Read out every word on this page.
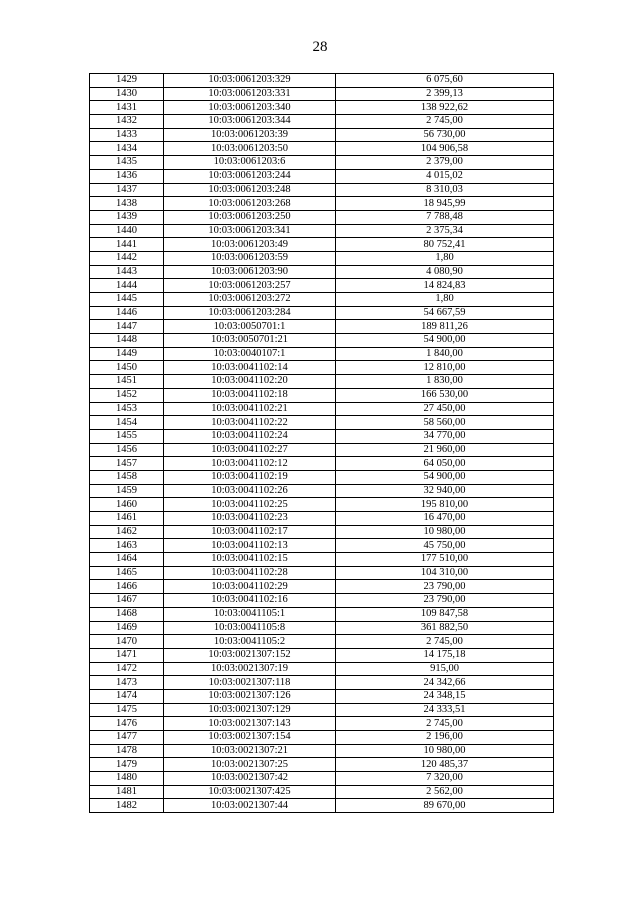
28
1429	10:03:0061203:329	6 075,60
1430	10:03:0061203:331	2 399,13
1431	10:03:0061203:340	138 922,62
1432	10:03:0061203:344	2 745,00
1433	10:03:0061203:39	56 730,00
1434	10:03:0061203:50	104 906,58
1435	10:03:0061203:6	2 379,00
1436	10:03:0061203:244	4 015,02
1437	10:03:0061203:248	8 310,03
1438	10:03:0061203:268	18 945,99
1439	10:03:0061203:250	7 788,48
1440	10:03:0061203:341	2 375,34
1441	10:03:0061203:49	80 752,41
1442	10:03:0061203:59	1,80
1443	10:03:0061203:90	4 080,90
1444	10:03:0061203:257	14 824,83
1445	10:03:0061203:272	1,80
1446	10:03:0061203:284	54 667,59
1447	10:03:0050701:1	189 811,26
1448	10:03:0050701:21	54 900,00
1449	10:03:0040107:1	1 840,00
1450	10:03:0041102:14	12 810,00
1451	10:03:0041102:20	1 830,00
1452	10:03:0041102:18	166 530,00
1453	10:03:0041102:21	27 450,00
1454	10:03:0041102:22	58 560,00
1455	10:03:0041102:24	34 770,00
1456	10:03:0041102:27	21 960,00
1457	10:03:0041102:12	64 050,00
1458	10:03:0041102:19	54 900,00
1459	10:03:0041102:26	32 940,00
1460	10:03:0041102:25	195 810,00
1461	10:03:0041102:23	16 470,00
1462	10:03:0041102:17	10 980,00
1463	10:03:0041102:13	45 750,00
1464	10:03:0041102:15	177 510,00
1465	10:03:0041102:28	104 310,00
1466	10:03:0041102:29	23 790,00
1467	10:03:0041102:16	23 790,00
1468	10:03:0041105:1	109 847,58
1469	10:03:0041105:8	361 882,50
1470	10:03:0041105:2	2 745,00
1471	10:03:0021307:152	14 175,18
1472	10:03:0021307:19	915,00
1473	10:03:0021307:118	24 342,66
1474	10:03:0021307:126	24 348,15
1475	10:03:0021307:129	24 333,51
1476	10:03:0021307:143	2 745,00
1477	10:03:0021307:154	2 196,00
1478	10:03:0021307:21	10 980,00
1479	10:03:0021307:25	120 485,37
1480	10:03:0021307:42	7 320,00
1481	10:03:0021307:425	2 562,00
1482	10:03:0021307:44	89 670,00
